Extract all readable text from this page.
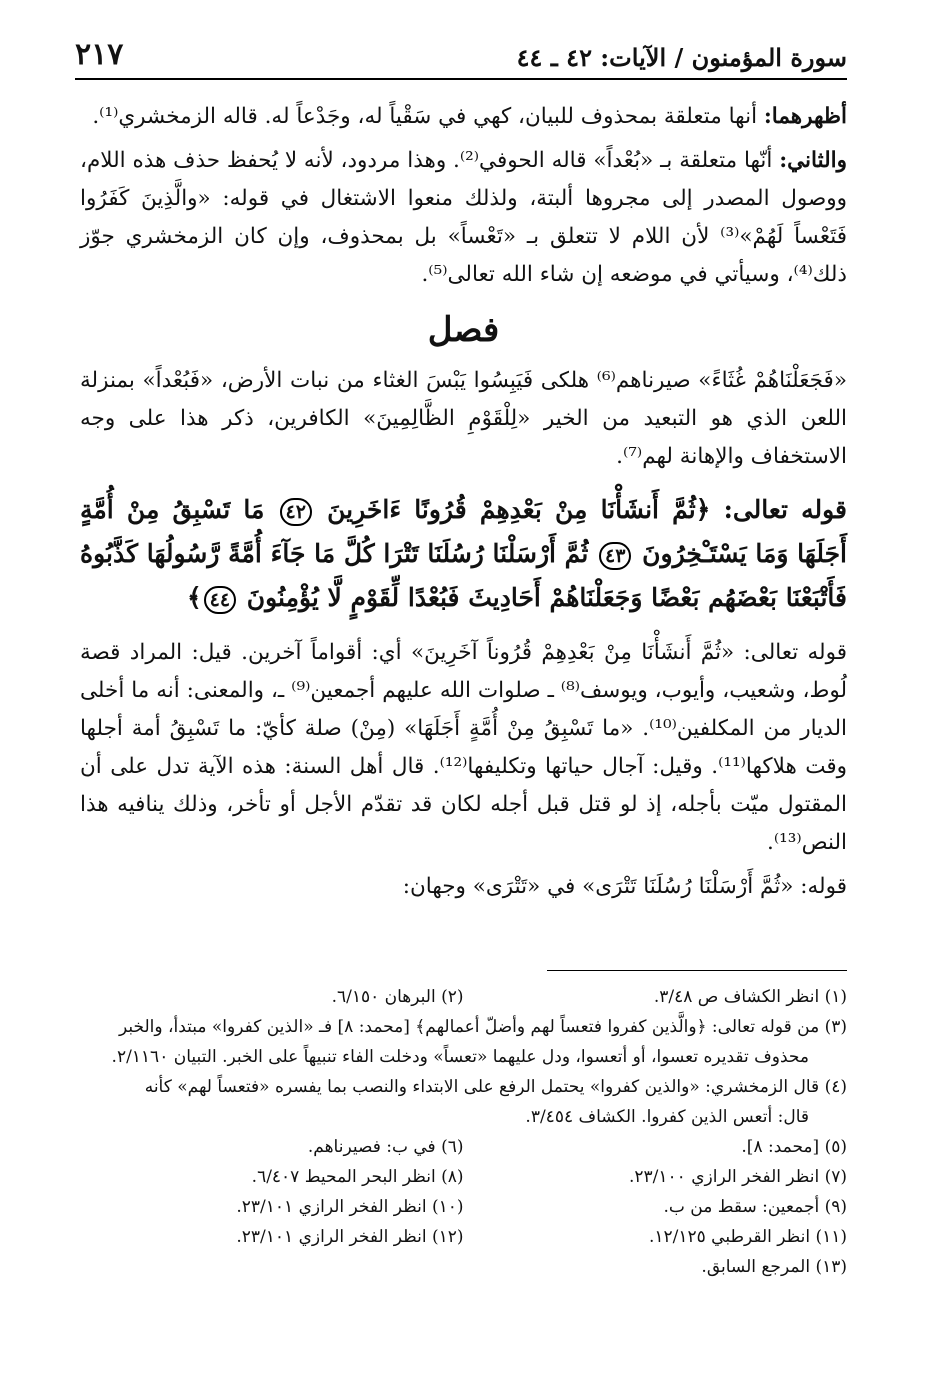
سورة المؤمنون / الآيات: ٤٢ ـ ٤٤
٢١٧

أظهرهما: أنها متعلقة بمحذوف للبيان، كهي في سَقْياً له، وجَدْعاً له. قاله الزمخشري⁽¹⁾.

والثاني: أنّها متعلقة بـ «بُعْداً» قاله الحوفي⁽²⁾. وهذا مردود، لأنه لا يُحفظ حذف هذه اللام، ووصول المصدر إلى مجروها ألبتة، ولذلك منعوا الاشتغال في قوله: «والَّذِينَ كَفَرُوا فَتَعْساً لَهُمْ»⁽³⁾ لأن اللام لا تتعلق بـ «تَعْساً» بل بمحذوف، وإن كان الزمخشري جوّز ذلك⁽⁴⁾، وسيأتي في موضعه إن شاء الله تعالى⁽⁵⁾.

فصل

«فَجَعَلْنَاهُمْ غُثَاءً» صيرناهم⁽⁶⁾ هلكى فَيَبِسُوا يَبْسَ الغثاء من نبات الأرض، «فَبُعْداً» بمنزلة اللعن الذي هو التبعيد من الخير «لِلْقَوْمِ الظَّالِمِينَ» الكافرين، ذكر هذا على وجه الاستخفاف والإهانة لهم⁽⁷⁾.

قوله تعالى: ﴿ثُمَّ أَنشَأْنَا مِنْ بَعْدِهِمْ قُرُونًا ءَاخَرِينَ ٤٢ مَا تَسْبِقُ مِنْ أُمَّةٍ أَجَلَهَا وَمَا يَسْتَـْخِرُونَ ٤٣ ثُمَّ أَرْسَلْنَا رُسُلَنَا تَتْرَا كُلَّ مَا جَآءَ أُمَّةً رَّسُولُهَا كَذَّبُوهُ فَأَتْبَعْنَا بَعْضَهُم بَعْضًا وَجَعَلْنَاهُمْ أَحَادِيثَ فَبُعْدًا لِّقَوْمٍ لَّا يُؤْمِنُونَ ٤٤﴾

قوله تعالى: «ثُمَّ أَنشَأْنَا مِنْ بَعْدِهِمْ قُرُوناً آخَرِينَ» أي: أقواماً آخرين. قيل: المراد قصة لُوط، وشعيب، وأيوب، ويوسف⁽⁸⁾ ـ صلوات الله عليهم أجمعين⁽⁹⁾ ـ، والمعنى: أنه ما أخلى الديار من المكلفين⁽¹⁰⁾. «ما تَسْبِقُ مِنْ أُمَّةٍ أَجَلَهَا» (مِنْ) صلة كأيّ: ما تَسْبِقُ أمة أجلها وقت هلاكها⁽¹¹⁾. وقيل: آجال حياتها وتكليفها⁽¹²⁾. قال أهل السنة: هذه الآية تدل على أن المقتول ميّت بأجله، إذ لو قتل قبل أجله لكان قد تقدّم الأجل أو تأخر، وذلك ينافيه هذا النص⁽¹³⁾.

قوله: «ثُمَّ أَرْسَلْنَا رُسُلَنَا تَتْرَى» في «تَتْرَى» وجهان:

(١) انظر الكشاف ص ٣/٤٨.
(٢) البرهان ٦/١٥٠.

(٣) من قوله تعالى: ﴿والَّذين كفروا فتعساً لهم وأضلّ أعمالهم﴾ [محمد: ٨] فـ «الذين كفروا» مبتدأ، والخبر
محذوف تقديره تعسوا، أو أتعسوا، ودل عليهما «تعساً» ودخلت الفاء تنبيهاً على الخبر. التبيان ٢/١١٦٠.

(٤) قال الزمخشري: «والذين كفروا» يحتمل الرفع على الابتداء والنصب بما يفسره «فتعساً لهم» كأنه
قال: أتعس الذين كفروا. الكشاف ٣/٤٥٤.

(٥) [محمد: ٨].
(٦) في ب: فصيرناهم.
(٧) انظر الفخر الرازي ٢٣/١٠٠.
(٨) انظر البحر المحيط ٦/٤٠٧.
(٩) أجمعين: سقط من ب.
(١٠) انظر الفخر الرازي ٢٣/١٠١.
(١١) انظر القرطبي ١٢/١٢٥.
(١٢) انظر الفخر الرازي ٢٣/١٠١.
(١٣) المرجع السابق.
